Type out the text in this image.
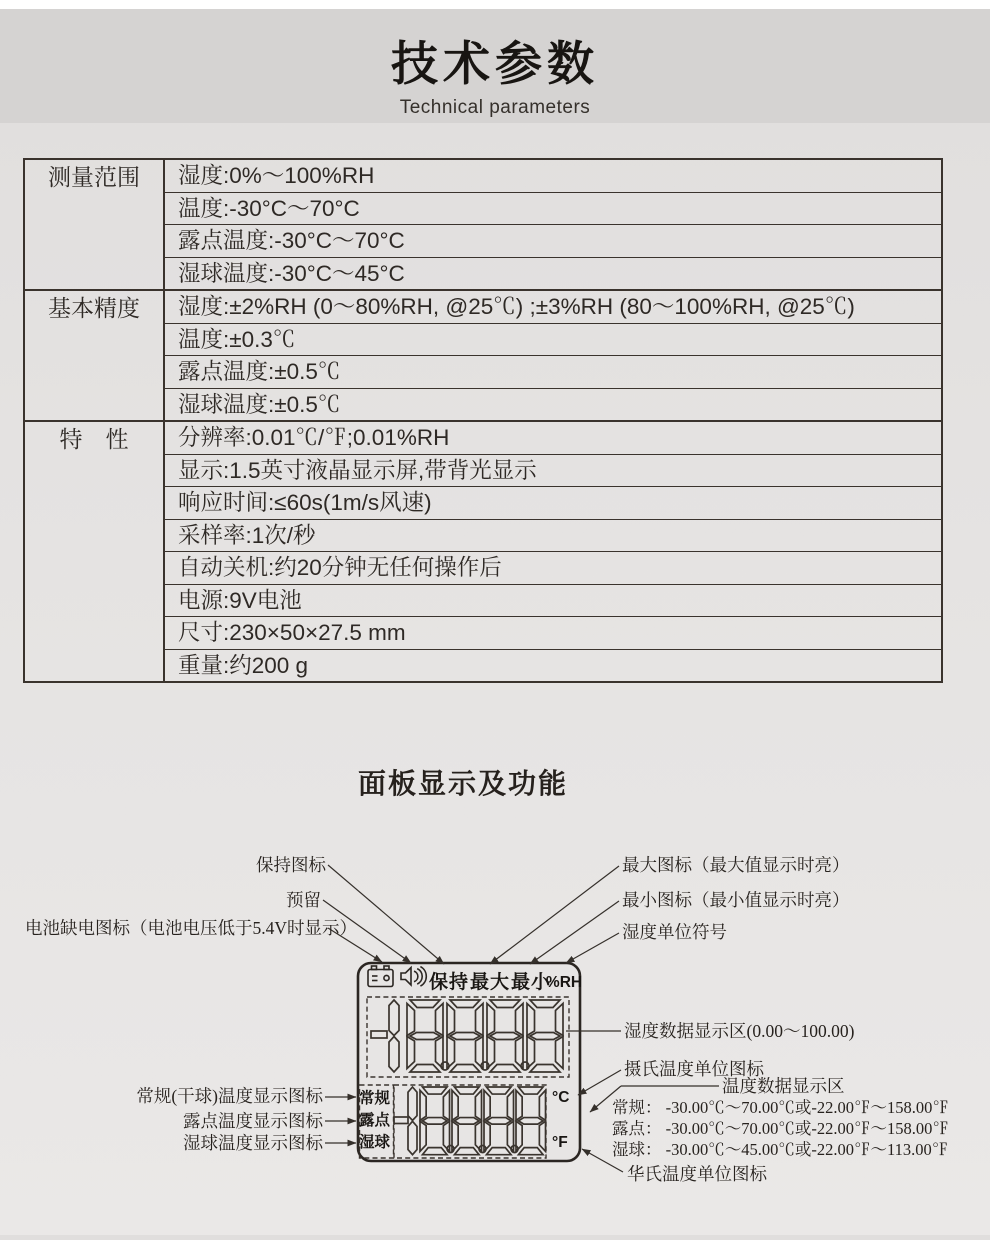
技术参数
Technical parameters
测量范围	湿度:0%～100%RH
温度:-30°C～70°C
露点温度:-30°C～70°C
湿球温度:-30°C～45°C
基本精度	湿度:±2%RH (0～80%RH, @25℃) ;±3%RH (80～100%RH, @25℃)
温度:±0.3℃
露点温度:±0.5℃
湿球温度:±0.5℃
特　性	分辨率:0.01℃/℉;0.01%RH
显示:1.5英寸液晶显示屏,带背光显示
响应时间:≤60s(1m/s风速)
采样率:1次/秒
自动关机:约20分钟无任何操作后
电源:9V电池
尺寸:230×50×27.5 mm
重量:约200 g
面板显示及功能
保持 最大 最小
%RH
常规
露点
湿球
°C
°F
保持图标
预留
电池缺电图标（电池电压低于5.4V时显示）
最大图标（最大值显示时亮）
最小图标（最小值显示时亮）
湿度单位符号
湿度数据显示区(0.00～100.00)
摄氏温度单位图标
温度数据显示区
常规： -30.00℃～70.00℃或-22.00℉～158.00℉
露点： -30.00℃～70.00℃或-22.00℉～158.00℉
湿球： -30.00℃～45.00℃或-22.00℉～113.00℉
华氏温度单位图标
常规(干球)温度显示图标
露点温度显示图标
湿球温度显示图标
